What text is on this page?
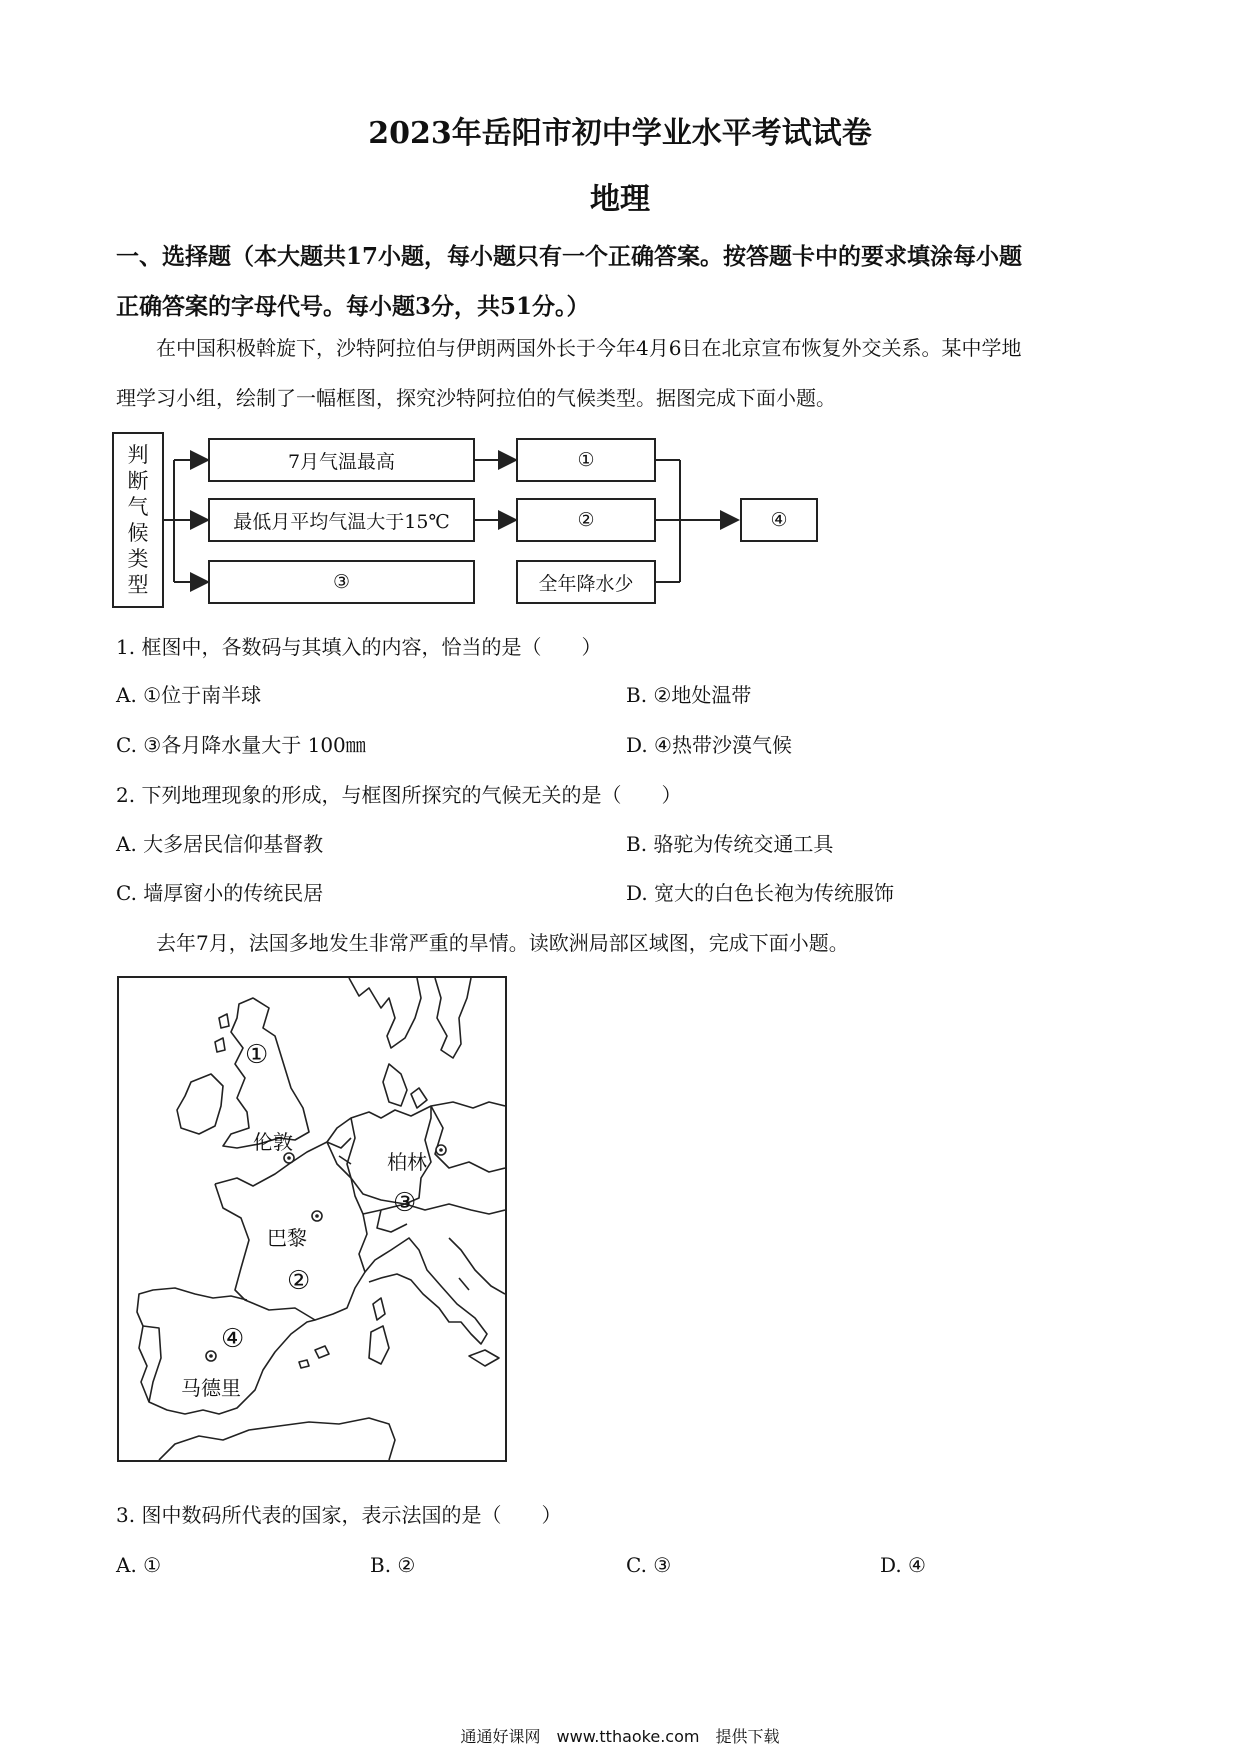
2023年岳阳市初中学业水平考试试卷
地理
一、选择题（本大题共17小题，每小题只有一个正确答案。按答题卡中的要求填涂每小题
正确答案的字母代号。每小题3分，共51分。）
在中国积极斡旋下，沙特阿拉伯与伊朗两国外长于今年4月6日在北京宣布恢复外交关系。某中学地
理学习小组，绘制了一幅框图，探究沙特阿拉伯的气候类型。据图完成下面小题。
判
断
气
候
类
型
7月气温最高
最低月平均气温大于15℃
③
①
②
全年降水少
④
1. 框图中，各数码与其填入的内容，恰当的是（　　）
A. ①位于南半球	B. ②地处温带
C. ③各月降水量大于 100㎜	D. ④热带沙漠气候
2. 下列地理现象的形成，与框图所探究的气候无关的是（　　）
A. 大多居民信仰基督教	B. 骆驼为传统交通工具
C. 墙厚窗小的传统民居	D. 宽大的白色长袍为传统服饰
去年7月，法国多地发生非常严重的旱情。读欧洲局部区域图，完成下面小题。
①
伦敦
柏林
③
巴黎
②
④
马德里
3. 图中数码所代表的国家，表示法国的是（　　）
A. ①	B. ②	C. ③	D. ④
通通好课网　www.tthaoke.com　提供下载
